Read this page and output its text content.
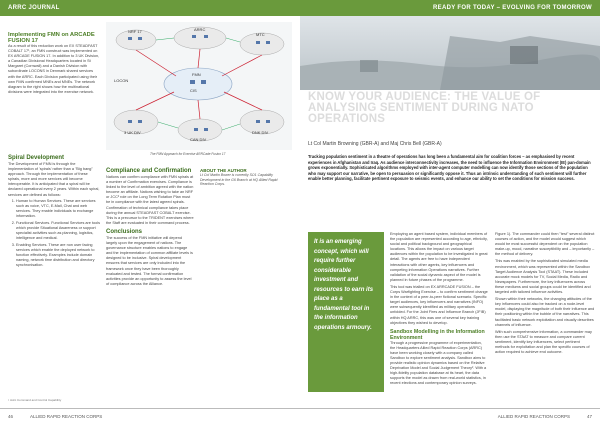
ARRC JOURNAL
Implementing FMN on ARCADE FUSION 17

As a result of this reduction work on EX STEADFAST COBALT 17¹, an FMN construct was implemented on EX ARCADE FUSION 17. In addition to 3 UK Division, a Canadian Divisional Headquarters located in St Margaret (Cornwall) and a Danish Division with subordinate LOCONS in Denmark shared services with the ARRC. Each Division participated using their own FMN confirmed MNEs and MNEs. The network diagram to the right shows how the multinational divisions were integrated into the exercise network.

NRF 17	ARRC
MTC
FMN
CIS
3 UK DIV
CAN DIV
DNK DIV
LOCON
The FMN Approach for Exercise ARRCade Fusion 17
Spiral Development

The Development of FMN is through the implementation of 'spirals' rather than a "Big bang" approach. Through the implementation of these spirals, more and more services will become interoperable. It is anticipated that a spiral will be declared operational every 2 years. Within each spiral, services are defined as follows:

1. Human to Human Services. These are services such as voice, VTC, E-Mail, Chat and web services. They enable individuals to exchange information.
2. Functional Services. Functional Services are tools which provide Situational Awareness or support specialist activities such as planning, logistics, intelligence and medical.
3. Enabling Services. These are non user facing services which enable the deployed network to function effectively. Examples include domain naming, network time distribution and directory synchronisation.
Compliance and Confirmation

Nations can confirm compliance with FMN spirals at a number of Confirmation exercises. Compliance is linked to the level of ambition agreed with the nation become an affiliate. Nations wishing to take an NRF or JCC² role on the Long Term Rotation Plan must be in compliance with the latest agreed spirals. Confirmation of technical compliance takes place during the annual STEADFAST COBALT exercise. This is a precursor to the TRIDENT exercises where the Staff are evaluated in their command process.

Conclusions

The success of the FMN initiative will depend largely upon the engagement of nations. The governance structure enables nations to engage and the implementation of common affiliate levels is designed to be inclusive. Spiral development ensures that services are only included into the framework once they have been thoroughly evaluated and tested. The formal confirmation activities provide an opportunity to assess the level of compliance across the Alliance.

ABOUT THE AUTHOR
Lt Col Martin Bower is currently SO1 Capability Development in the G6 Branch at HQ Allied Rapid Reaction Corps.
¹ Joint Command and Control Capability
46	ALLIED RAPID REACTION CORPS
READY FOR TODAY – EVOLVING FOR TOMORROW
KNOW YOUR AUDIENCE: THE VALUE OF ANALYSING SENTIMENT DURING NATO OPERATIONS
Lt Col Martin Browning (GBR-A) and Maj Chris Bell (GBR-A)
Tracking population sentiment in a theatre of operations has long been a fundamental aim for coalition forces – as emphasised by recent experiences in Afghanistan and Iraq. As audience interconnectivity increases, the need to influence the Information Environment (IE) pan-domain grows exponentially. Sophisticated algorithms employed with inter-agent computer modelling can now identify those sections of the population who may support our narrative, be open to persuasion or significantly oppose it. Thus an intrinsic understanding of such sentiment will further enable better planning, facilitate pertinent exposure to seismic events, and enhance our ability to set the conditions for mission success.

It is an emerging concept, which will require further considerable investment and resources to earn its place as a fundamental tool in the information operations armoury.

Employing an agent based system, individual members of the population are represented according to age, ethnicity, social and political background and geographical locations. This allows the impact on various target audiences within the population to be investigated in great detail. The agents are free to have independent interactions with other agents, key influencers and competing information Operations narratives. Further validation of the social dynamic aspect of the model is planned in future phases of the programme.

This tool was trialled on EX ARRCADE FUSION – the Corps Warfighting Exercise – to confirm sentiment change in the context of a peer-to-peer fictional scenario. Specific target audiences, key influencers and narratives (INFO) were subsequently identified as military operations unfolded. For the Joint Fires and Influence Branch (JFIB) within HQ ARRC, this was one of several key training objectives they wished to develop.

Sandbox Modelling in the Information Environment

Through a progressive programme of experimentation, the Headquarters Allied Rapid Reaction Corps (ARRC) have been working closely with a company called Sandbox to explore sentiment analysis. Sandbox aims to provide realistic opinion dynamics based on the Relative Deprivation Model and Social Judgement Theory². With a high-fidelity population database at its heart, the data supports the model as drawn from real-world statistics, in recent elections and contemporary opinion surveys.

Figure 1). The commander could then "test" several distinct courses of action, and the model would suggest which would be most successful dependent on the population make-up, mood, narrative susceptibility and – importantly – the method of delivery.

This was enabled by the sophisticated simulated media environment, which was represented within the Sandbox Target Audience Analysis Tool (STAAT). These included accurate mock models for TV, Social Media, Radio and Newspapers. Furthermore, the key influencers across these mediums and social groups could be identified and targeted with tailored influence activities.

Shown within their networks, the changing attitudes of the key influencers could also be tracked on a node-level model, displaying the magnitude of both their influence and their positioning within the bubble of the narratives. This facilitated basic network exploitation and visually describes channels of influence.

With such comprehensive information, a commander may then use the STAAT to measure and compare current sentiment, identify key influencers, select pertinent methods for exploitation and plan the specific courses of action required to achieve end outcome.

ALLIED RAPID REACTION CORPS	47
